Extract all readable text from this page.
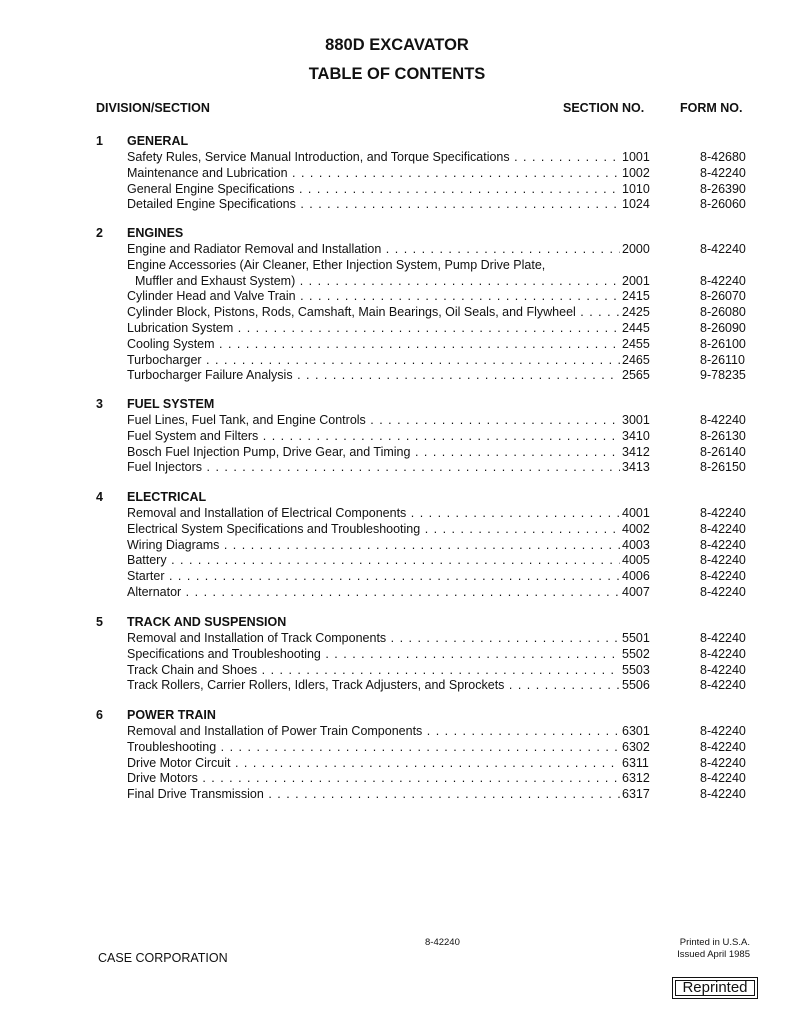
880D EXCAVATOR
TABLE OF CONTENTS
DIVISION/SECTION	SECTION NO.	FORM NO.
1 GENERAL
Safety Rules, Service Manual Introduction, and Torque Specifications . . .	1001	8-42680
Maintenance and Lubrication . . .	1002	8-42240
General Engine Specifications . . .	1010	8-26390
Detailed Engine Specifications . . .	1024	8-26060
2 ENGINES
Engine and Radiator Removal and Installation . . .	2000	8-42240
Engine Accessories (Air Cleaner, Ether Injection System, Pump Drive Plate,
Muffler and Exhaust System) . . .	2001	8-42240
Cylinder Head and Valve Train . . .	2415	8-26070
Cylinder Block, Pistons, Rods, Camshaft, Main Bearings, Oil Seals, and Flywheel . . .	2425	8-26080
Lubrication System . . .	2445	8-26090
Cooling System . . .	2455	8-26100
Turbocharger . . .	2465	8-26110
Turbocharger Failure Analysis . . .	2565	9-78235
3 FUEL SYSTEM
Fuel Lines, Fuel Tank, and Engine Controls . . .	3001	8-42240
Fuel System and Filters . . .	3410	8-26130
Bosch Fuel Injection Pump, Drive Gear, and Timing . . .	3412	8-26140
Fuel Injectors . . .	3413	8-26150
4 ELECTRICAL
Removal and Installation of Electrical Components . . .	4001	8-42240
Electrical System Specifications and Troubleshooting . . .	4002	8-42240
Wiring Diagrams . . .	4003	8-42240
Battery . . .	4005	8-42240
Starter . . .	4006	8-42240
Alternator . . .	4007	8-42240
5 TRACK AND SUSPENSION
Removal and Installation of Track Components . . .	5501	8-42240
Specifications and Troubleshooting . . .	5502	8-42240
Track Chain and Shoes . . .	5503	8-42240
Track Rollers, Carrier Rollers, Idlers, Track Adjusters, and Sprockets . . .	5506	8-42240
6 POWER TRAIN
Removal and Installation of Power Train Components . . .	6301	8-42240
Troubleshooting . . .	6302	8-42240
Drive Motor Circuit . . .	6311	8-42240
Drive Motors . . .	6312	8-42240
Final Drive Transmission . . .	6317	8-42240
8-42240	Printed in U.S.A.
Issued April 1985
CASE CORPORATION
Reprinted
